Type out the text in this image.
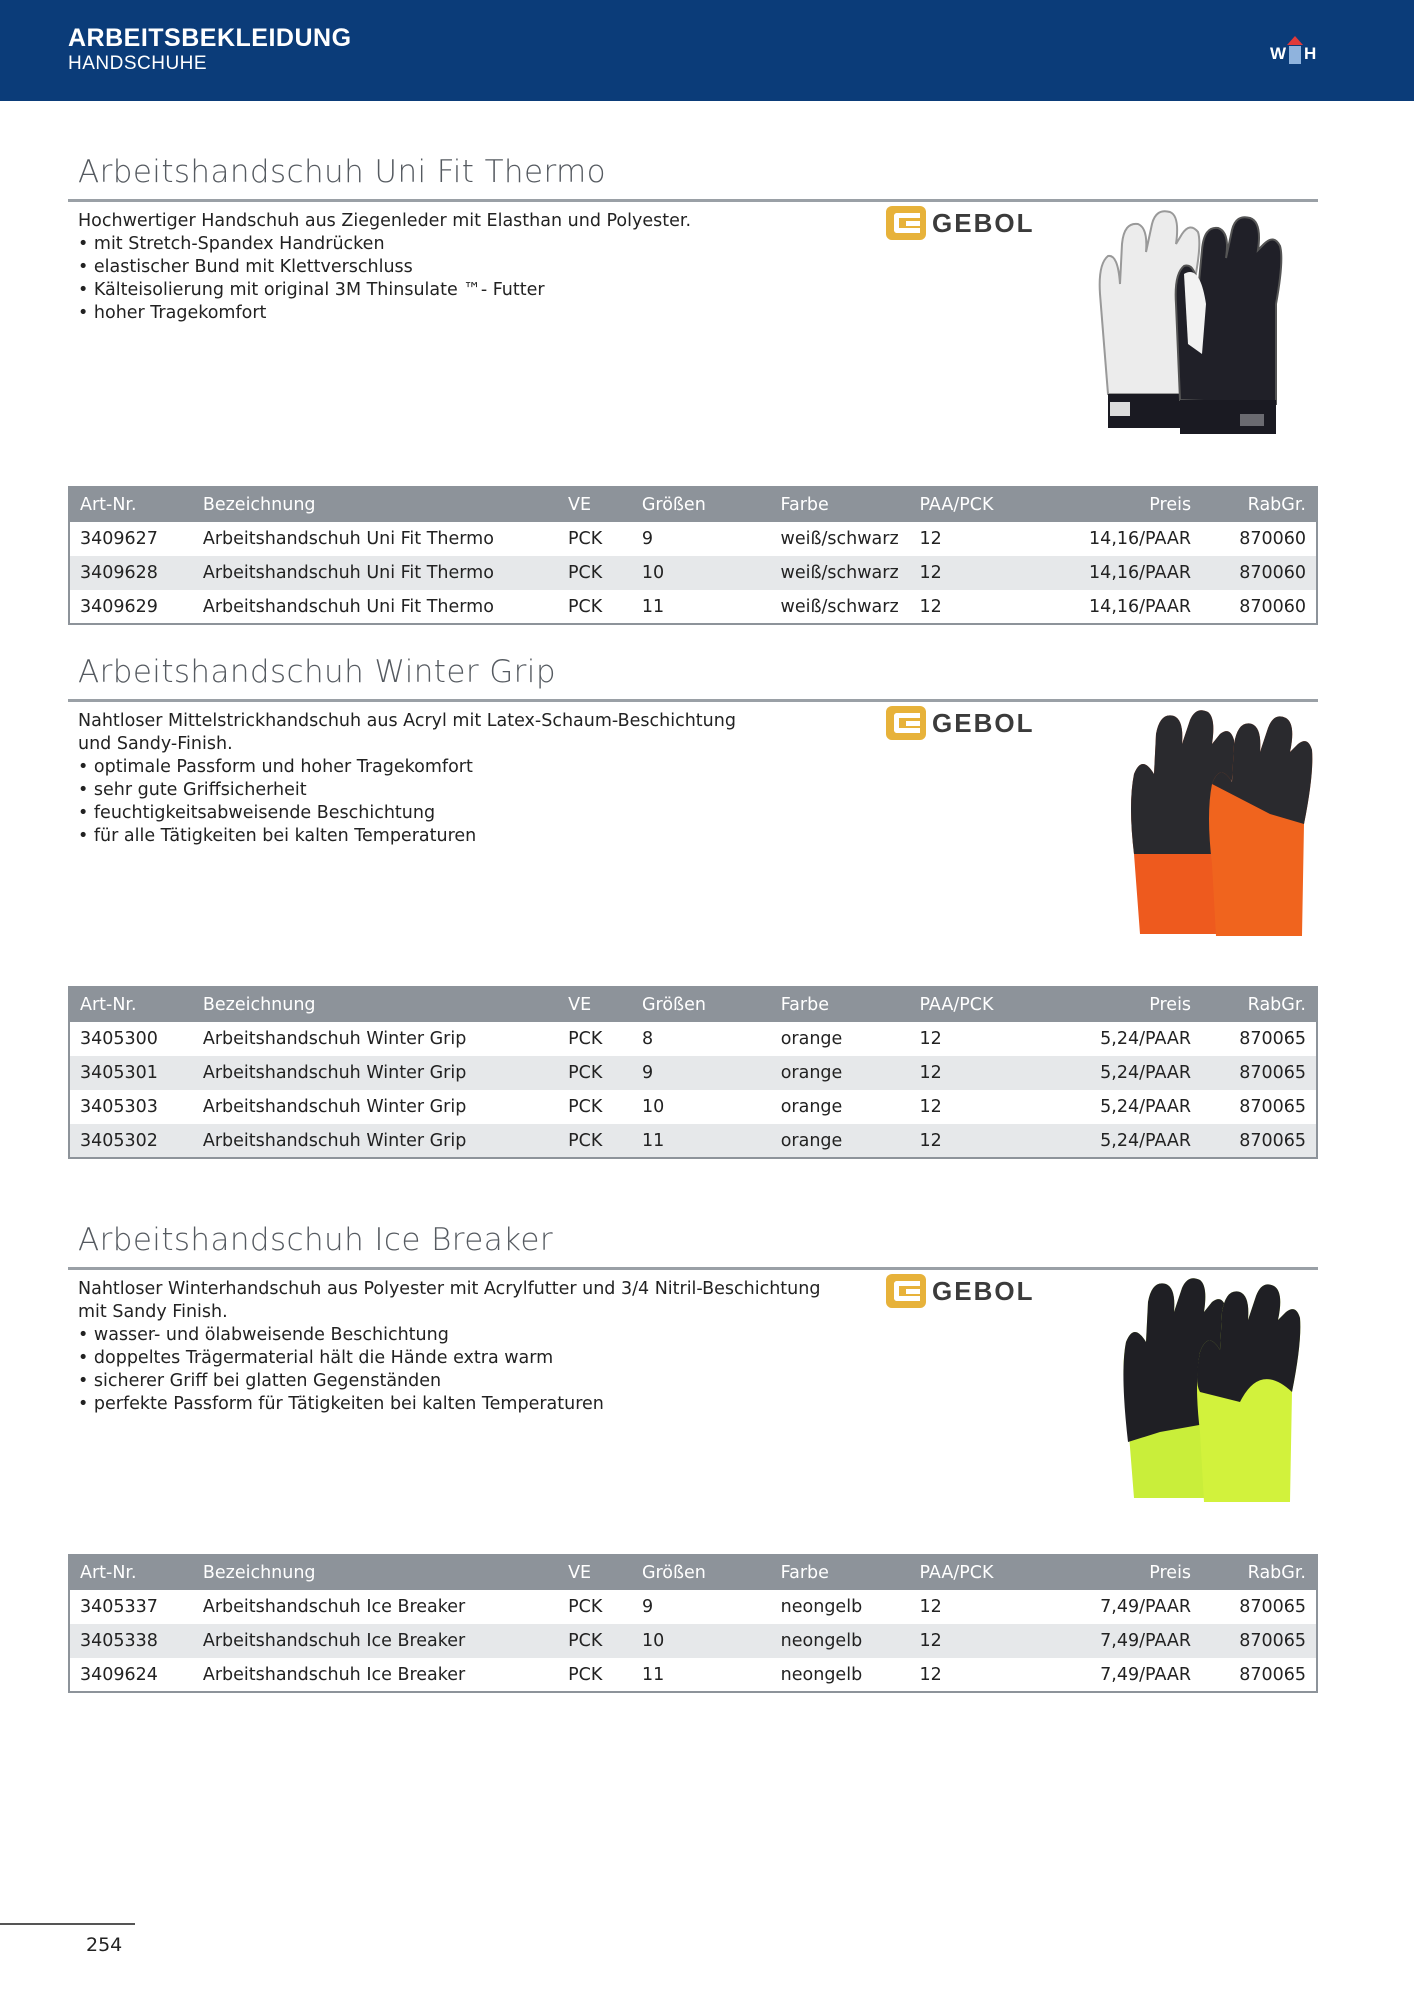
ARBEITSBEKLEIDUNG
HANDSCHUHE	W H
Arbeitshandschuh Uni Fit Thermo
Hochwertiger Handschuh aus Ziegenleder mit Elasthan und Polyester.
• mit Stretch-Spandex Handrücken
• elastischer Bund mit Klettverschluss
• Kälteisolierung mit original 3M Thinsulate ™- Futter
• hoher Tragekomfort
GEBOL
Art-Nr.	Bezeichnung	VE	Größen	Farbe	PAA/PCK	Preis	RabGr.
3409627	Arbeitshandschuh Uni Fit Thermo	PCK	9	weiß/schwarz	12	14,16/PAAR	870060
3409628	Arbeitshandschuh Uni Fit Thermo	PCK	10	weiß/schwarz	12	14,16/PAAR	870060
3409629	Arbeitshandschuh Uni Fit Thermo	PCK	11	weiß/schwarz	12	14,16/PAAR	870060
Arbeitshandschuh Winter Grip
Nahtloser Mittelstrickhandschuh aus Acryl mit Latex-Schaum-Beschichtung
und Sandy-Finish.
• optimale Passform und hoher Tragekomfort
• sehr gute Griffsicherheit
• feuchtigkeitsabweisende Beschichtung
• für alle Tätigkeiten bei kalten Temperaturen
GEBOL
Art-Nr.	Bezeichnung	VE	Größen	Farbe	PAA/PCK	Preis	RabGr.
3405300	Arbeitshandschuh Winter Grip	PCK	8	orange	12	5,24/PAAR	870065
3405301	Arbeitshandschuh Winter Grip	PCK	9	orange	12	5,24/PAAR	870065
3405303	Arbeitshandschuh Winter Grip	PCK	10	orange	12	5,24/PAAR	870065
3405302	Arbeitshandschuh Winter Grip	PCK	11	orange	12	5,24/PAAR	870065
Arbeitshandschuh Ice Breaker
Nahtloser Winterhandschuh aus Polyester mit Acrylfutter und 3/4 Nitril-Beschichtung
mit Sandy Finish.
• wasser- und ölabweisende Beschichtung
• doppeltes Trägermaterial hält die Hände extra warm
• sicherer Griff bei glatten Gegenständen
• perfekte Passform für Tätigkeiten bei kalten Temperaturen
GEBOL
Art-Nr.	Bezeichnung	VE	Größen	Farbe	PAA/PCK	Preis	RabGr.
3405337	Arbeitshandschuh Ice Breaker	PCK	9	neongelb	12	7,49/PAAR	870065
3405338	Arbeitshandschuh Ice Breaker	PCK	10	neongelb	12	7,49/PAAR	870065
3409624	Arbeitshandschuh Ice Breaker	PCK	11	neongelb	12	7,49/PAAR	870065
254
